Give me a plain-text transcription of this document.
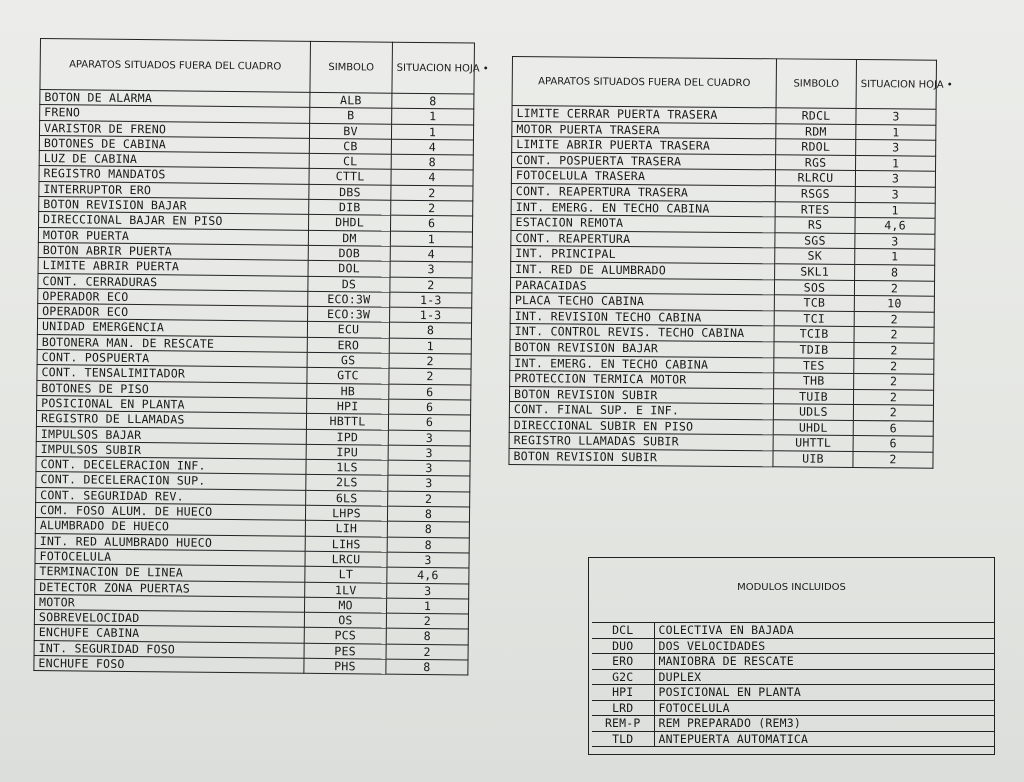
APARATOS SITUADOS FUERA DEL CUADRO	SIMBOLO	SITUACION HOJA •
BOTON DE ALARMA	ALB	8
FRENO	B	1
VARISTOR DE FRENO	BV	1
BOTONES DE CABINA	CB	4
LUZ DE CABINA	CL	8
REGISTRO MANDATOS	CTTL	4
INTERRUPTOR ERO	DBS	2
BOTON REVISION BAJAR	DIB	2
DIRECCIONAL BAJAR EN PISO	DHDL	6
MOTOR PUERTA	DM	1
BOTON ABRIR PUERTA	DOB	4
LIMITE ABRIR PUERTA	DOL	3
CONT. CERRADURAS	DS	2
OPERADOR ECO	ECO:3W	1-3
OPERADOR ECO	ECO:3W	1-3
UNIDAD EMERGENCIA	ECU	8
BOTONERA MAN. DE RESCATE	ERO	1
CONT. POSPUERTA	GS	2
CONT. TENSALIMITADOR	GTC	2
BOTONES DE PISO	HB	6
POSICIONAL EN PLANTA	HPI	6
REGISTRO DE LLAMADAS	HBTTL	6
IMPULSOS BAJAR	IPD	3
IMPULSOS SUBIR	IPU	3
CONT. DECELERACION INF.	1LS	3
CONT. DECELERACION SUP.	2LS	3
CONT. SEGURIDAD REV.	6LS	2
COM. FOSO ALUM. DE HUECO	LHPS	8
ALUMBRADO DE HUECO	LIH	8
INT. RED ALUMBRADO HUECO	LIHS	8
FOTOCELULA	LRCU	3
TERMINACION DE LINEA	LT	4,6
DETECTOR ZONA PUERTAS	1LV	3
MOTOR	MO	1
SOBREVELOCIDAD	OS	2
ENCHUFE CABINA	PCS	8
INT. SEGURIDAD FOSO	PES	2
ENCHUFE FOSO	PHS	8
APARATOS SITUADOS FUERA DEL CUADRO	SIMBOLO	SITUACION HOJA •
LIMITE CERRAR PUERTA TRASERA	RDCL	3
MOTOR PUERTA TRASERA	RDM	1
LIMITE ABRIR PUERTA TRASERA	RDOL	3
CONT. POSPUERTA TRASERA	RGS	1
FOTOCELULA TRASERA	RLRCU	3
CONT. REAPERTURA TRASERA	RSGS	3
INT. EMERG. EN TECHO CABINA	RTES	1
ESTACION REMOTA	RS	4,6
CONT. REAPERTURA	SGS	3
INT. PRINCIPAL	SK	1
INT. RED DE ALUMBRADO	SKL1	8
PARACAIDAS	SOS	2
PLACA TECHO CABINA	TCB	10
INT. REVISION TECHO CABINA	TCI	2
INT. CONTROL REVIS. TECHO CABINA	TCIB	2
BOTON REVISION BAJAR	TDIB	2
INT. EMERG. EN TECHO CABINA	TES	2
PROTECCION TERMICA MOTOR	THB	2
BOTON REVISION SUBIR	TUIB	2
CONT. FINAL SUP. E INF.	UDLS	2
DIRECCIONAL SUBIR EN PISO	UHDL	6
REGISTRO LLAMADAS SUBIR	UHTTL	6
BOTON REVISION SUBIR	UIB	2
MODULOS INCLUIDOS
DCL	COLECTIVA EN BAJADA
DUO	DOS VELOCIDADES
ERO	MANIOBRA DE RESCATE
G2C	DUPLEX
HPI	POSICIONAL EN PLANTA
LRD	FOTOCELULA
REM-P	REM PREPARADO (REM3)
TLD	ANTEPUERTA AUTOMATICA
